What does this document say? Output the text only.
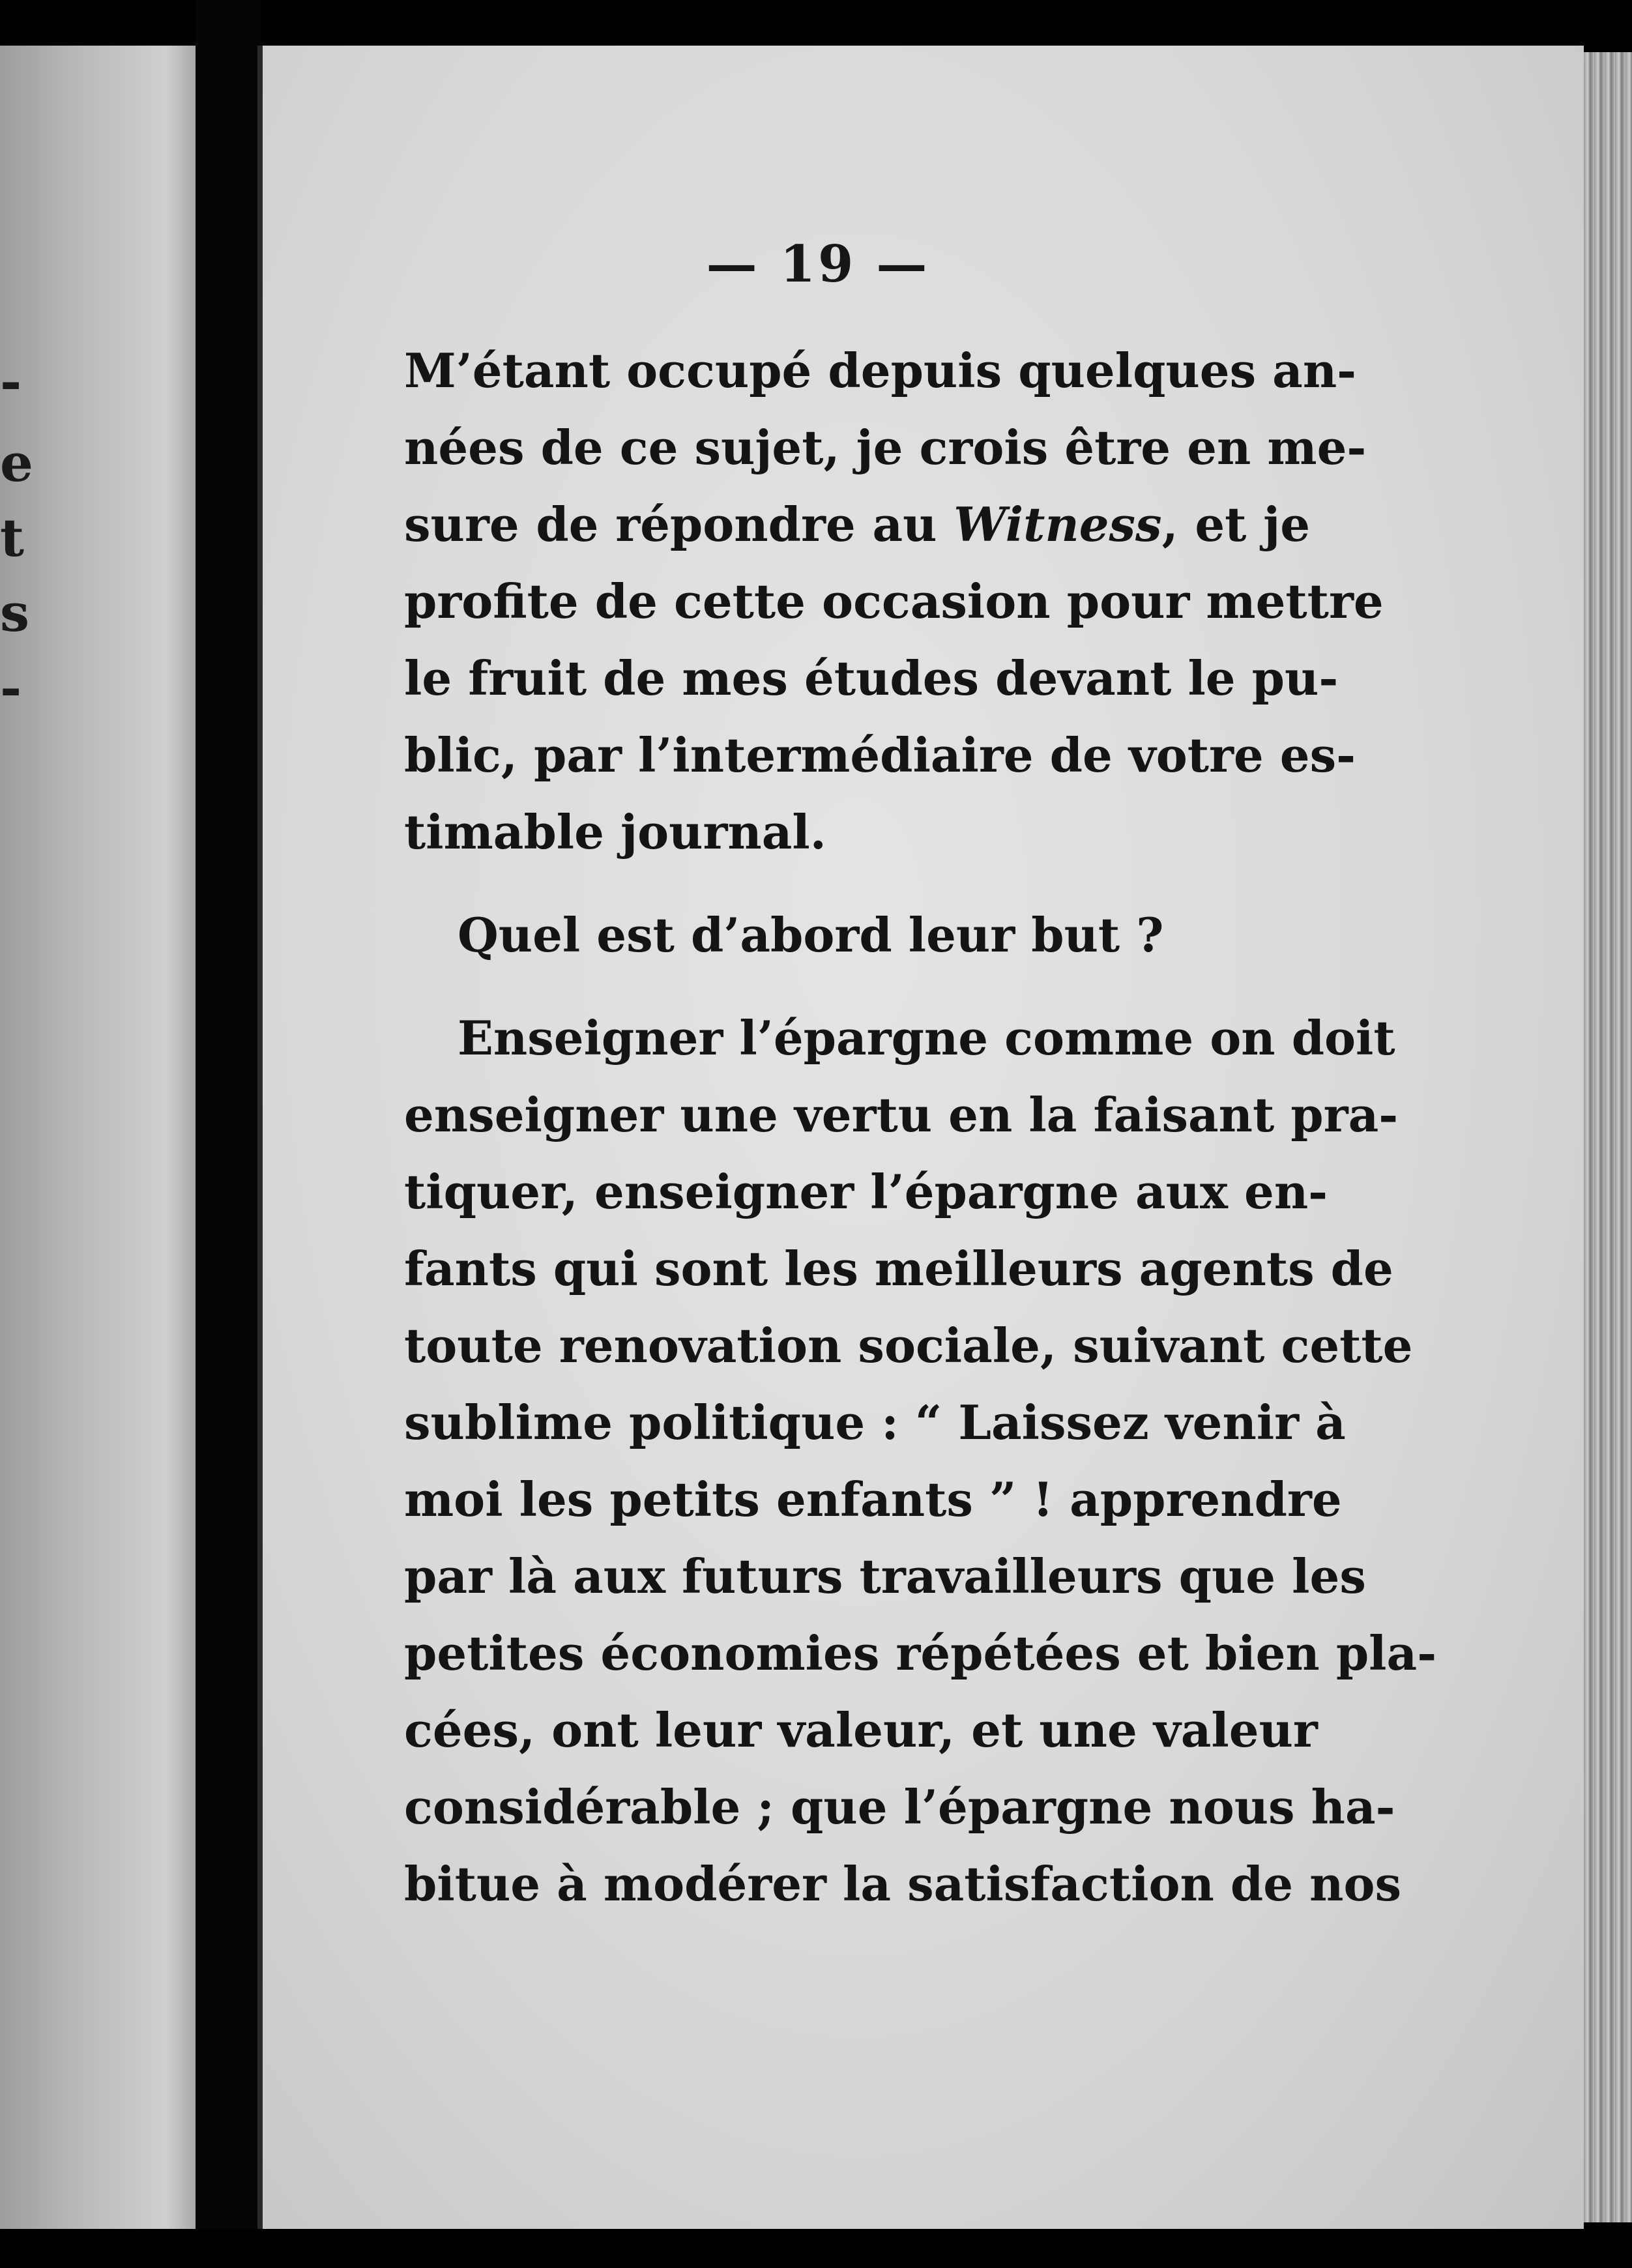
-
e
t
s
-
— 19 —
M’étant occupé depuis quelques an-
nées de ce sujet, je crois être en me-
sure de répondre au Witness, et je
profite de cette occasion pour mettre
le fruit de mes études devant le pu-
blic, par l’intermédiaire de votre es-
timable journal.
Quel est d’abord leur but ?
Enseigner l’épargne comme on doit
enseigner une vertu en la faisant pra-
tiquer, enseigner l’épargne aux en-
fants qui sont les meilleurs agents de
toute renovation sociale, suivant cette
sublime politique : “ Laissez venir à
moi les petits enfants ” ! apprendre
par là aux futurs travailleurs que les
petites économies répétées et bien pla-
cées, ont leur valeur, et une valeur
considérable ; que l’épargne nous ha-
bitue à modérer la satisfaction de nos
